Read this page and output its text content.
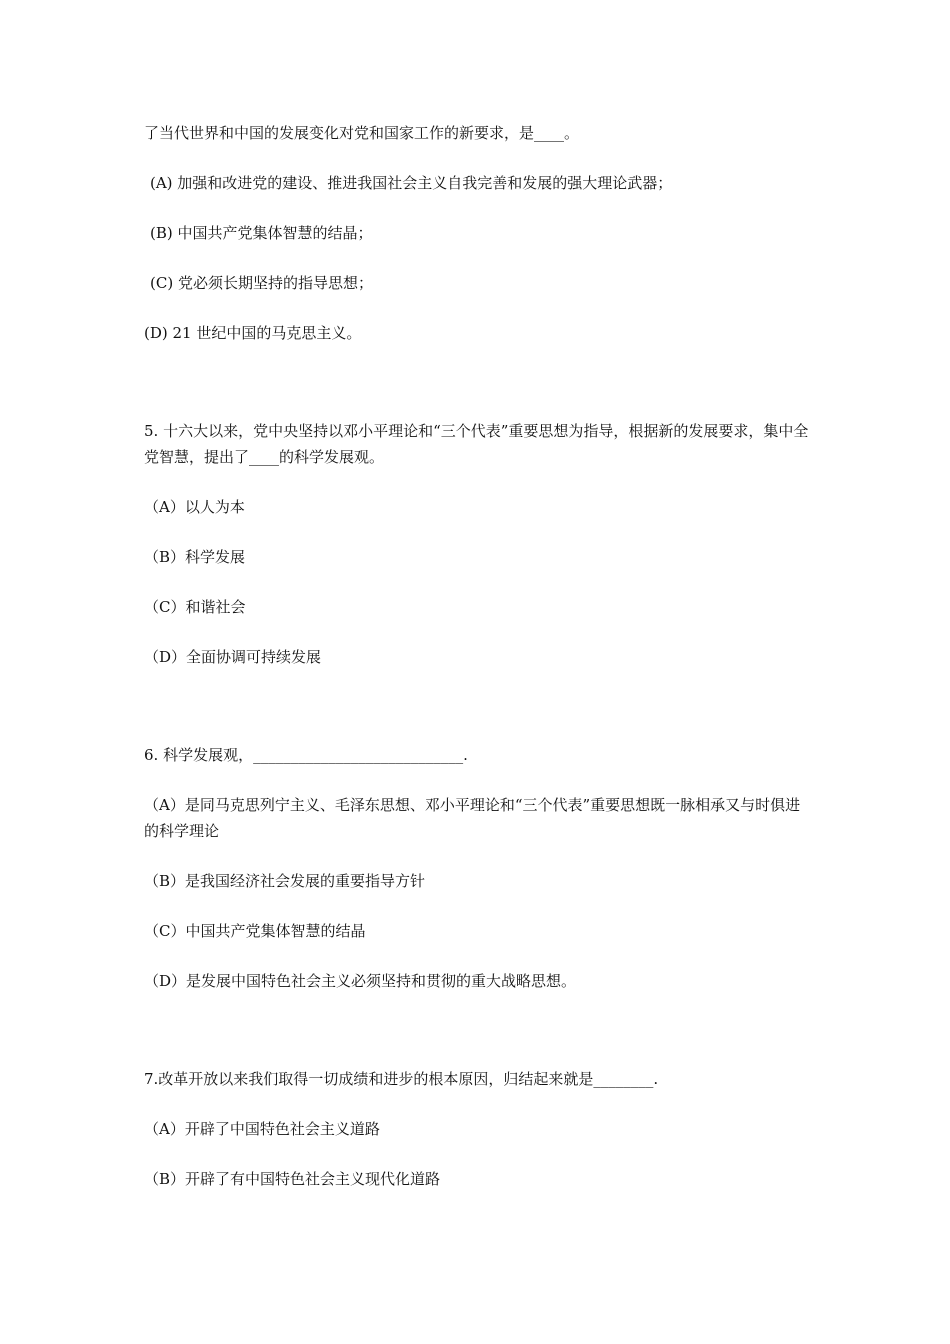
了当代世界和中国的发展变化对党和国家工作的新要求，是____。

(A) 加强和改进党的建设、推进我国社会主义自我完善和发展的强大理论武器；

(B) 中国共产党集体智慧的结晶；

(C) 党必须长期坚持的指导思想；

(D) 21 世纪中国的马克思主义。

5. 十六大以来，党中央坚持以邓小平理论和“三个代表”重要思想为指导，根据新的发展要求，集中全党智慧，提出了____的科学发展观。

（A）以人为本

（B）科学发展

（C）和谐社会

（D）全面协调可持续发展

6. 科学发展观，____________________________.

（A）是同马克思列宁主义、毛泽东思想、邓小平理论和“三个代表”重要思想既一脉相承又与时俱进的科学理论

（B）是我国经济社会发展的重要指导方针

（C）中国共产党集体智慧的结晶

（D）是发展中国特色社会主义必须坚持和贯彻的重大战略思想。

7.改革开放以来我们取得一切成绩和进步的根本原因，归结起来就是________.

（A）开辟了中国特色社会主义道路

（B）开辟了有中国特色社会主义现代化道路
